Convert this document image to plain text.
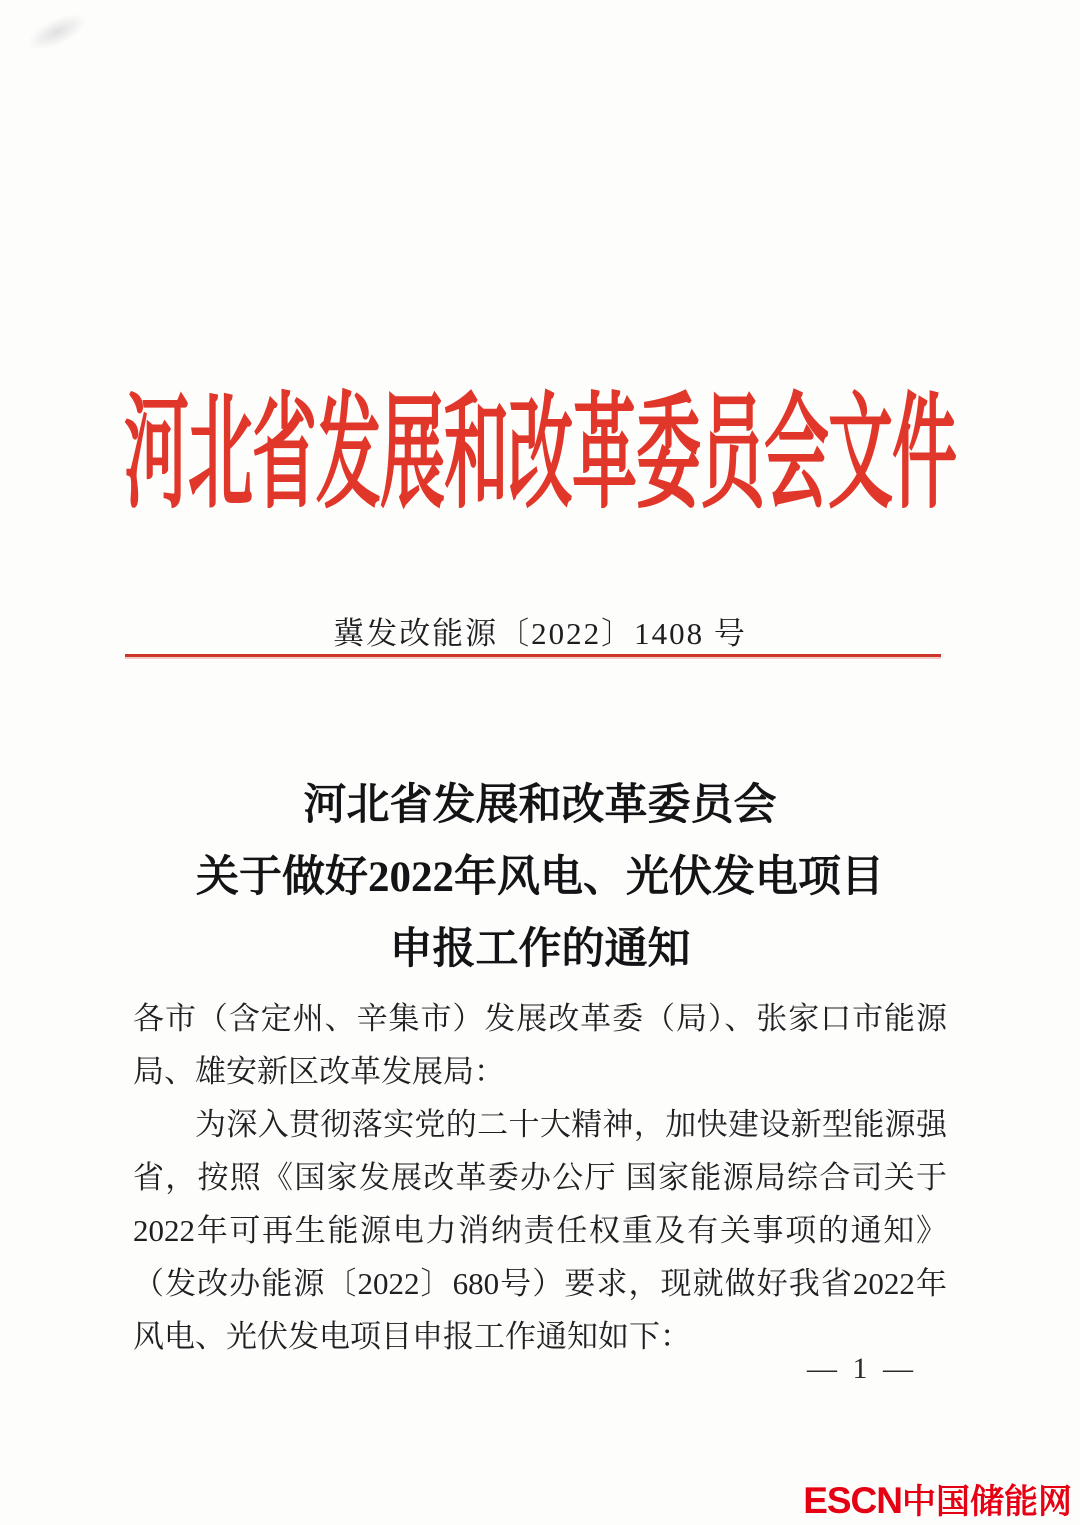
河北省发展和改革委员会文件
冀发改能源〔2022〕1408 号
河北省发展和改革委员会
关于做好2022年风电、光伏发电项目
申报工作的通知

各市（含定州、辛集市）发展改革委（局）、张家口市能源局、雄安新区改革发展局：

为深入贯彻落实党的二十大精神，加快建设新型能源强省，按照《国家发展改革委办公厅 国家能源局综合司关于2022年可再生能源电力消纳责任权重及有关事项的通知》（发改办能源〔2022〕680号）要求，现就做好我省2022年风电、光伏发电项目申报工作通知如下：

— 1 —
ESCN中国储能网
